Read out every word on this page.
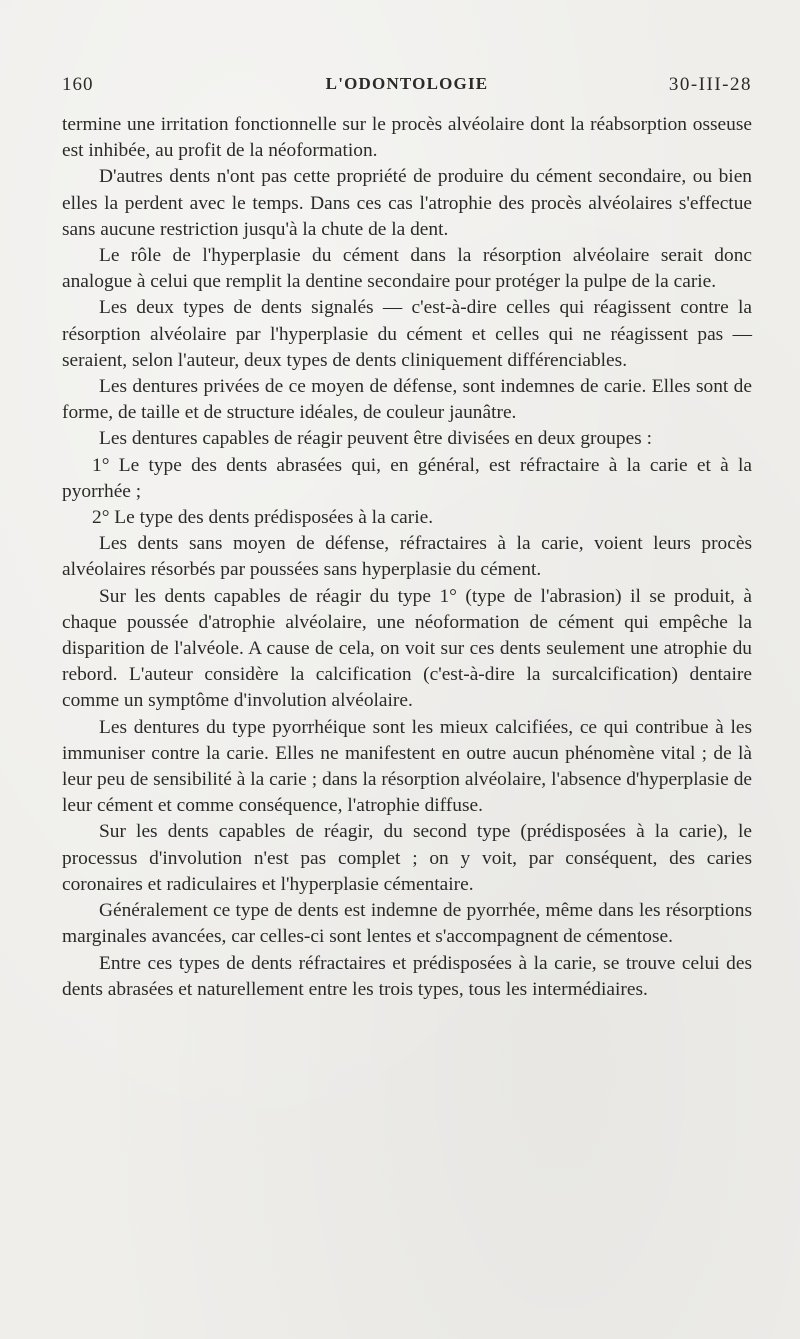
160	L'ODONTOLOGIE	30-III-28

termine une irritation fonctionnelle sur le procès alvéolaire dont la réabsorption osseuse est inhibée, au profit de la néoformation.

D'autres dents n'ont pas cette propriété de produire du cément secondaire, ou bien elles la perdent avec le temps. Dans ces cas l'atrophie des procès alvéolaires s'effectue sans aucune restriction jusqu'à la chute de la dent.

Le rôle de l'hyperplasie du cément dans la résorption alvéolaire serait donc analogue à celui que remplit la dentine secondaire pour protéger la pulpe de la carie.

Les deux types de dents signalés — c'est-à-dire celles qui réagissent contre la résorption alvéolaire par l'hyperplasie du cément et celles qui ne réagissent pas — seraient, selon l'auteur, deux types de dents cliniquement différenciables.

Les dentures privées de ce moyen de défense, sont indemnes de carie. Elles sont de forme, de taille et de structure idéales, de couleur jaunâtre.

Les dentures capables de réagir peuvent être divisées en deux groupes :

1° Le type des dents abrasées qui, en général, est réfractaire à la carie et à la pyorrhée ;

2° Le type des dents prédisposées à la carie.

Les dents sans moyen de défense, réfractaires à la carie, voient leurs procès alvéolaires résorbés par poussées sans hyperplasie du cément.

Sur les dents capables de réagir du type 1° (type de l'abrasion) il se produit, à chaque poussée d'atrophie alvéolaire, une néoformation de cément qui empêche la disparition de l'alvéole. A cause de cela, on voit sur ces dents seulement une atrophie du rebord. L'auteur considère la calcification (c'est-à-dire la surcalcification) dentaire comme un symptôme d'involution alvéolaire.

Les dentures du type pyorrhéique sont les mieux calcifiées, ce qui contribue à les immuniser contre la carie. Elles ne manifestent en outre aucun phénomène vital ; de là leur peu de sensibilité à la carie ; dans la résorption alvéolaire, l'absence d'hyperplasie de leur cément et comme conséquence, l'atrophie diffuse.

Sur les dents capables de réagir, du second type (prédisposées à la carie), le processus d'involution n'est pas complet ; on y voit, par conséquent, des caries coronaires et radiculaires et l'hyperplasie cémentaire.

Généralement ce type de dents est indemne de pyorrhée, même dans les résorptions marginales avancées, car celles-ci sont lentes et s'accompagnent de cémentose.

Entre ces types de dents réfractaires et prédisposées à la carie, se trouve celui des dents abrasées et naturellement entre les trois types, tous les intermédiaires.
